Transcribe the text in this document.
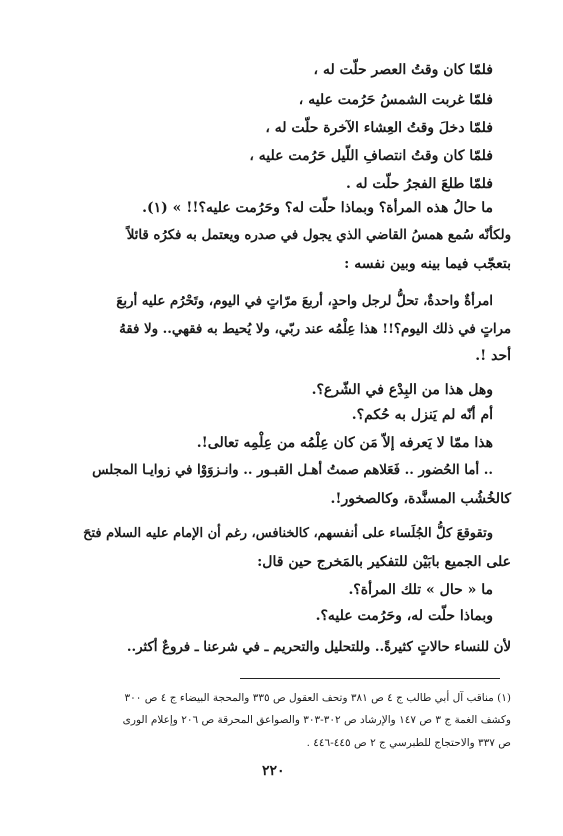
فلمّا كان وقتُ العصر حلّت له ،
فلمّا غربت الشمسُ حَرُمت عليه ،
فلمّا دخلَ وقتُ العِشاء الآخرة حلّت له ،
فلمّا كان وقتُ انتصافِ اللّيل حَرُمت عليه ،
فلمّا طلعَ الفجرُ حلّت له .
ما حالُ هذه المرأة؟ وبماذا حلّت له؟ وحَرُمت عليه؟!! » (١).
ولكأنّه سُمع همسُ القاضي الذي يجول في صدره ويعتمل به فكرُه قائلاً
بتعجّب فيما بينه وبين نفسه :
امرأةٌ واحدةٌ، تحلُّ لرجل واحدٍ، أربعَ مرّاتٍ في اليوم، وتَحْرُم عليه أربعَ
مراتٍ في ذلك اليوم؟!! هذا عِلْمُه عند ربّي، ولا يُحيط به فقهي.. ولا فقهُ
أحد !.
وهل هذا من البِدْع في الشّرع؟.
أم أنّه لم يَنزل به حُكم؟.
هذا ممّا لا يَعرفه إلاّ مَن كان عِلْمُه من عِلْمِه تعالى!.
.. أما الحُضور .. فَعَلاهم صمتُ أهـل القبـور .. وانـزوَوْا في زوايـا المجلس
كالخُشُب المسنَّدة، وكالصخور!.
وتقوقعَ كلُّ الجُلَساء على أنفسهم، كالخنافس، رغم أن الإمام عليه السلام فتحَ
على الجميع بابَيْن للتفكير بالمَخرج حين قال:
ما « حال » تلك المرأة؟.
وبماذا حلّت له، وحَرُمت عليه؟.
لأن للنساء حالاتٍ كثيرةً.. وللتحليل والتحريم ـ في شرعنا ـ فروعٌ أكثر..
(١) مناقب آل أبي طالب ج ٤ ص ٣٨١ وتحف العقول ص ٣٣٥ والمحجة البيضاء ج ٤ ص ٣٠٠
وكشف الغمة ج ٣ ص ١٤٧ والإرشاد ص ٣٠٢-٣٠٣ والصواعق المحرقة ص ٢٠٦ وإعلام الورى
ص ٣٣٧ والاحتجاج للطبرسي ج ٢ ص ٤٤٥-٤٤٦ .
٢٢٠
